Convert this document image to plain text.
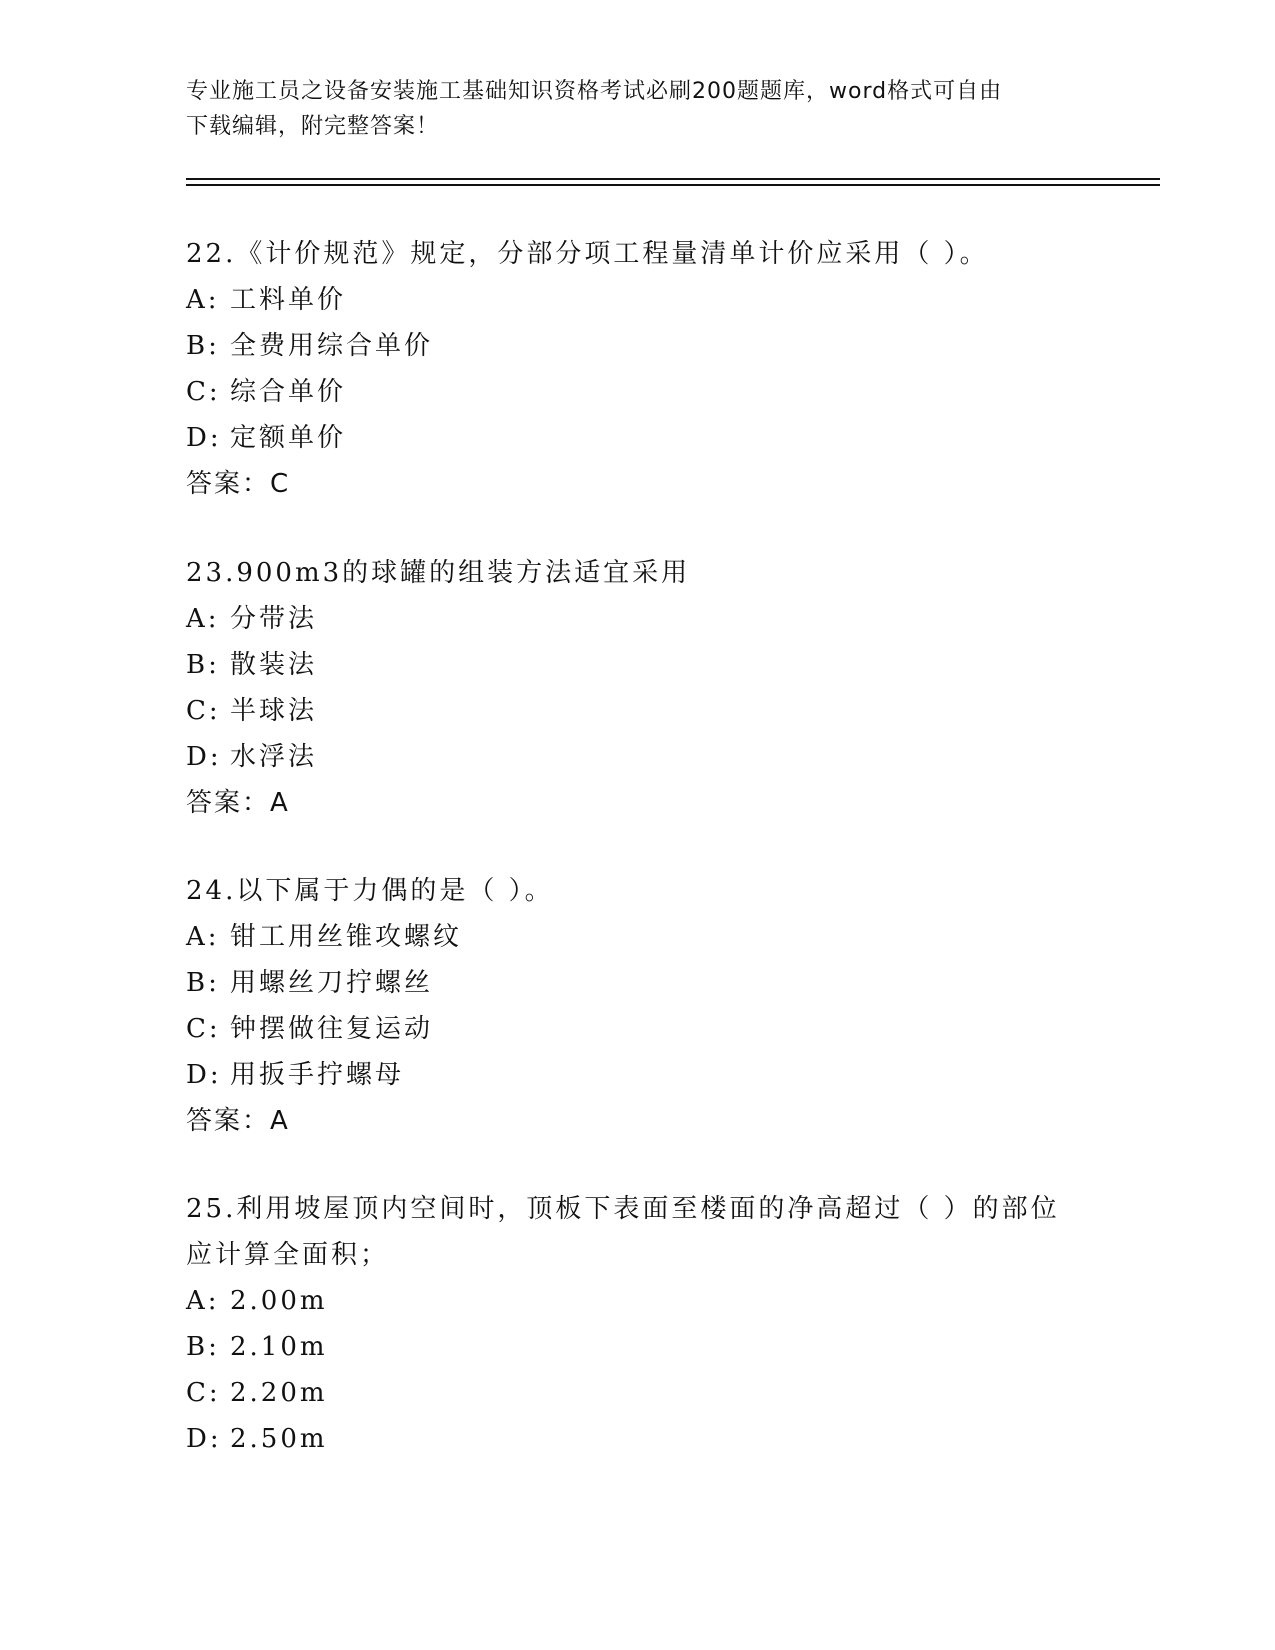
专业施工员之设备安装施工基础知识资格考试必刷200题题库，word格式可自由
下载编辑，附完整答案！
22.《计价规范》规定，分部分项工程量清单计价应采用（ ）。
A: 工料单价
B: 全费用综合单价
C: 综合单价
D: 定额单价
答案：C
23.900m3的球罐的组装方法适宜采用
A: 分带法
B: 散装法
C: 半球法
D: 水浮法
答案：A
24.以下属于力偶的是（ ）。
A: 钳工用丝锥攻螺纹
B: 用螺丝刀拧螺丝
C: 钟摆做往复运动
D: 用扳手拧螺母
答案：A
25.利用坡屋顶内空间时，顶板下表面至楼面的净高超过（ ）的部位应计算全面积；
A: 2.00m
B: 2.10m
C: 2.20m
D: 2.50m
